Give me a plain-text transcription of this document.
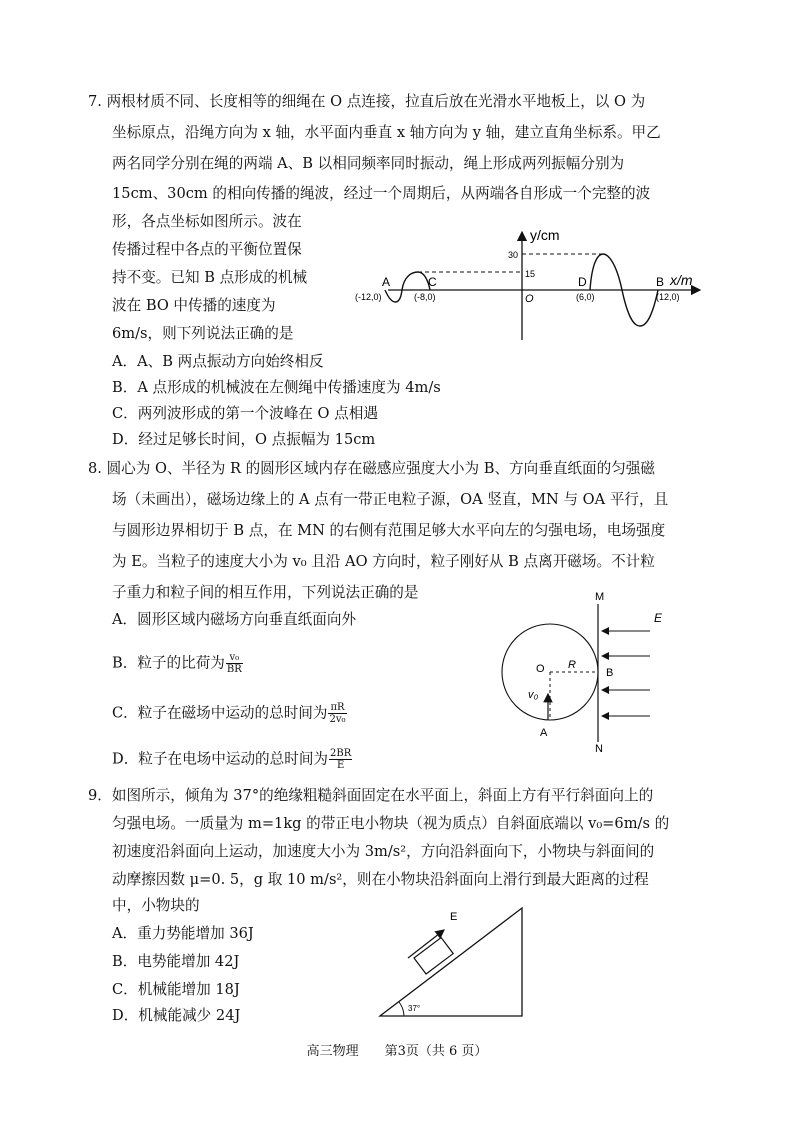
7. 两根材质不同、长度相等的细绳在 O 点连接，拉直后放在光滑水平地板上，以 O 为
坐标原点，沿绳方向为 x 轴，水平面内垂直 x 轴方向为 y 轴，建立直角坐标系。甲乙
两名同学分别在绳的两端 A、B 以相同频率同时振动，绳上形成两列振幅分别为
15cm、30cm 的相向传播的绳波，经过一个周期后，从两端各自形成一个完整的波
形，各点坐标如图所示。波在
传播过程中各点的平衡位置保
持不变。已知 B 点形成的机械
波在 BO 中传播的速度为
6m/s，则下列说法正确的是
A．A、B 两点振动方向始终相反
B．A 点形成的机械波在左侧绳中传播速度为 4m/s
C．两列波形成的第一个波峰在 O 点相遇
D．经过足够长时间，O 点振幅为 15cm
y/cm
x/m
30
15
O
A	C	D	B
(-12,0)	(-8,0)	(6,0)	(12,0)
8. 圆心为 O、半径为 R 的圆形区域内存在磁感应强度大小为 B、方向垂直纸面的匀强磁
场（未画出），磁场边缘上的 A 点有一带正电粒子源，OA 竖直，MN 与 OA 平行，且
与圆形边界相切于 B 点，在 MN 的右侧有范围足够大水平向左的匀强电场，电场强度
为 E。当粒子的速度大小为 v₀ 且沿 AO 方向时，粒子刚好从 B 点离开磁场。不计粒
子重力和粒子间的相互作用，下列说法正确的是
A．圆形区域内磁场方向垂直纸面向外
B．粒子的比荷为 $\frac{\text{v₀}}{BR}$
C．粒子在磁场中运动的总时间为 $\frac{\pi R}{\text{2v₀}}$
D．粒子在电场中运动的总时间为 $\frac{2BR}{E}$
M
N
E
O R
B
A
v₀
9．如图所示，倾角为 37°的绝缘粗糙斜面固定在水平面上，斜面上方有平行斜面向上的
匀强电场。一质量为 m=1kg 的带正电小物块（视为质点）自斜面底端以 v₀=6m/s 的
初速度沿斜面向上运动，加速度大小为 3m/s²，方向沿斜面向下，小物块与斜面间的
动摩擦因数 μ=0. 5，g 取 10 m/s²，则在小物块沿斜面向上滑行到最大距离的过程
中，小物块的
A．重力势能增加 36J
B．电势能增加 42J
C．机械能增加 18J
D．机械能减少 24J
E
37°
高三物理　　第3页（共 6 页）
